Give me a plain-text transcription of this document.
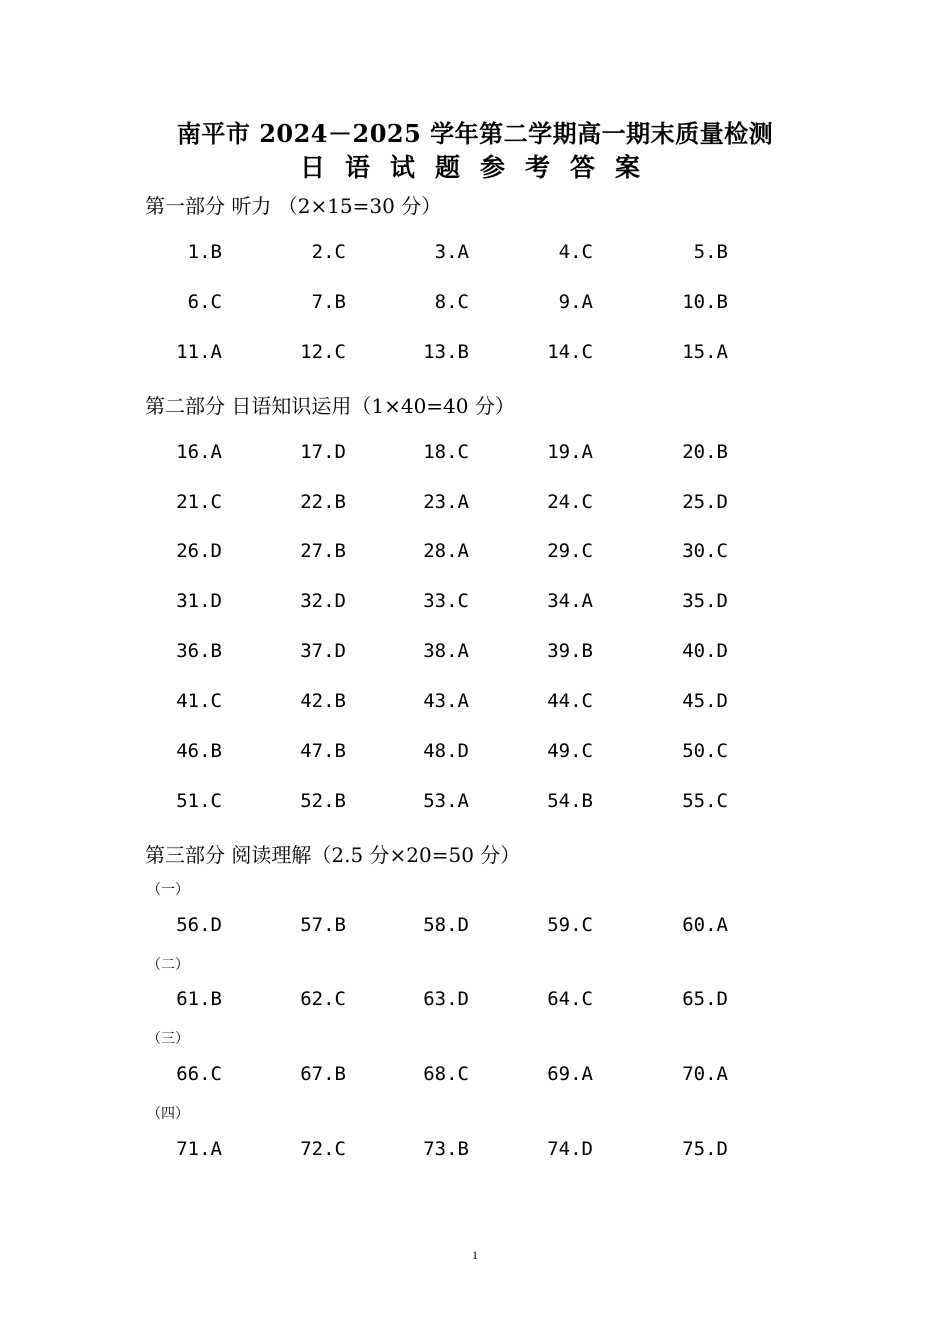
南平市 2024－2025 学年第二学期高一期末质量检测
日语试题参考答案
第一部分 听力 （2×15=30 分）
1.B	2.C	3.A	4.C	5.B
6.C	7.B	8.C	9.A	10.B
11.A	12.C	13.B	14.C	15.A
第二部分 日语知识运用（1×40=40 分）
16.A	17.D	18.C	19.A	20.B
21.C	22.B	23.A	24.C	25.D
26.D	27.B	28.A	29.C	30.C
31.D	32.D	33.C	34.A	35.D
36.B	37.D	38.A	39.B	40.D
41.C	42.B	43.A	44.C	45.D
46.B	47.B	48.D	49.C	50.C
51.C	52.B	53.A	54.B	55.C
第三部分 阅读理解（2.5 分×20=50 分）
（一）
56.D	57.B	58.D	59.C	60.A
（二）
61.B	62.C	63.D	64.C	65.D
（三）
66.C	67.B	68.C	69.A	70.A
（四）
71.A	72.C	73.B	74.D	75.D
1
